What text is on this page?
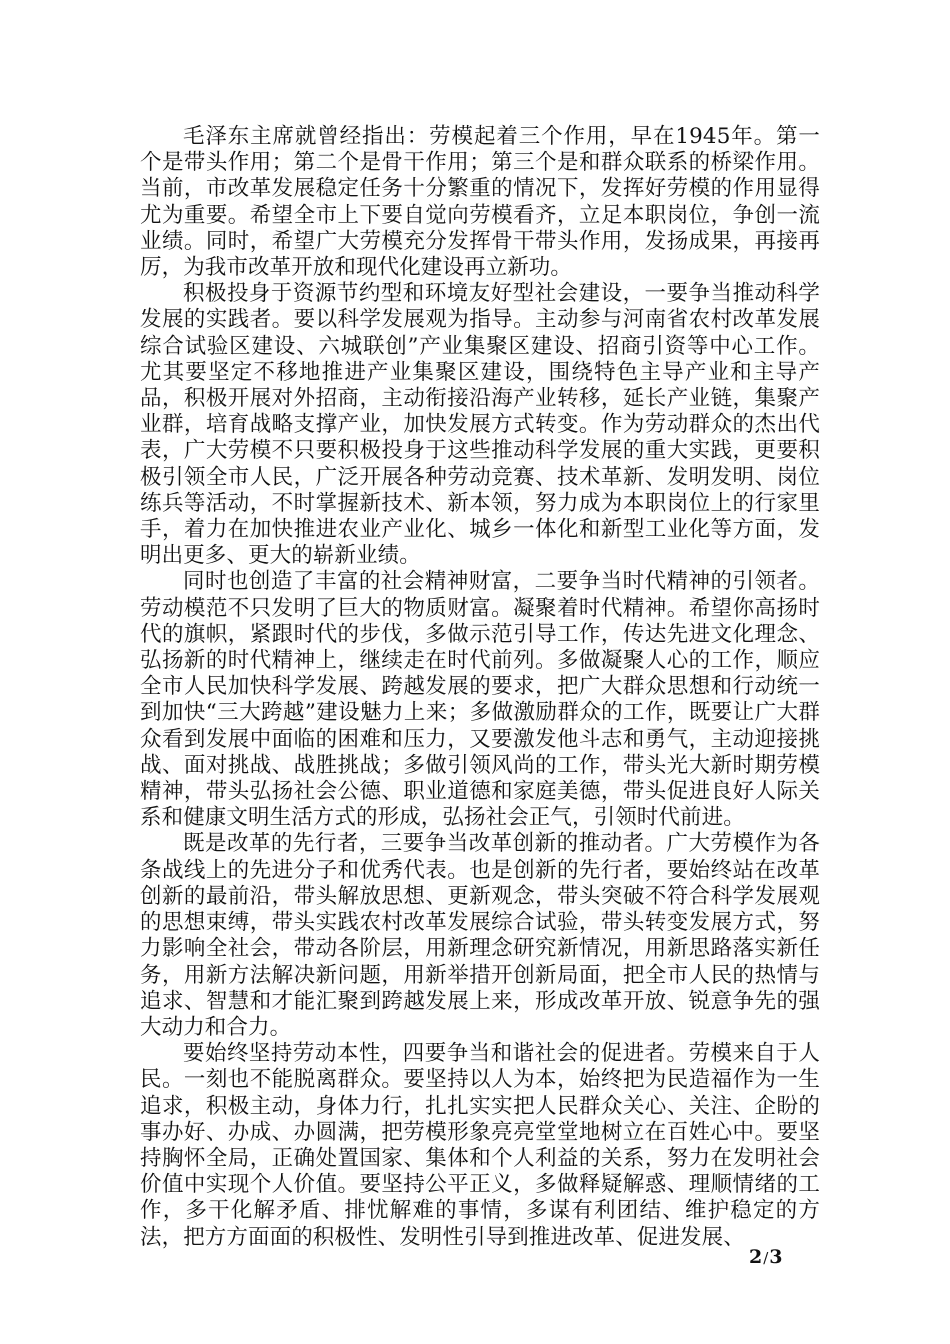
毛泽东主席就曾经指出：劳模起着三个作用，早在1945年。第一个是带头作用；第二个是骨干作用；第三个是和群众联系的桥梁作用。当前，市改革发展稳定任务十分繁重的情况下，发挥好劳模的作用显得尤为重要。希望全市上下要自觉向劳模看齐，立足本职岗位，争创一流业绩。同时，希望广大劳模充分发挥骨干带头作用，发扬成果，再接再厉，为我市改革开放和现代化建设再立新功。

积极投身于资源节约型和环境友好型社会建设，一要争当推动科学发展的实践者。要以科学发展观为指导。主动参与河南省农村改革发展综合试验区建设、六城联创”产业集聚区建设、招商引资等中心工作。尤其要坚定不移地推进产业集聚区建设，围绕特色主导产业和主导产品，积极开展对外招商，主动衔接沿海产业转移，延长产业链，集聚产业群，培育战略支撑产业，加快发展方式转变。作为劳动群众的杰出代表，广大劳模不只要积极投身于这些推动科学发展的重大实践，更要积极引领全市人民，广泛开展各种劳动竞赛、技术革新、发明发明、岗位练兵等活动，不时掌握新技术、新本领，努力成为本职岗位上的行家里手，着力在加快推进农业产业化、城乡一体化和新型工业化等方面，发明出更多、更大的崭新业绩。

同时也创造了丰富的社会精神财富，二要争当时代精神的引领者。劳动模范不只发明了巨大的物质财富。凝聚着时代精神。希望你高扬时代的旗帜，紧跟时代的步伐，多做示范引导工作，传达先进文化理念、弘扬新的时代精神上，继续走在时代前列。多做凝聚人心的工作，顺应全市人民加快科学发展、跨越发展的要求，把广大群众思想和行动统一到加快“三大跨越”建设魅力上来；多做激励群众的工作，既要让广大群众看到发展中面临的困难和压力，又要激发他斗志和勇气，主动迎接挑战、面对挑战、战胜挑战；多做引领风尚的工作，带头光大新时期劳模精神，带头弘扬社会公德、职业道德和家庭美德，带头促进良好人际关系和健康文明生活方式的形成，弘扬社会正气，引领时代前进。

既是改革的先行者，三要争当改革创新的推动者。广大劳模作为各条战线上的先进分子和优秀代表。也是创新的先行者，要始终站在改革创新的最前沿，带头解放思想、更新观念，带头突破不符合科学发展观的思想束缚，带头实践农村改革发展综合试验，带头转变发展方式，努力影响全社会，带动各阶层，用新理念研究新情况，用新思路落实新任务，用新方法解决新问题，用新举措开创新局面，把全市人民的热情与追求、智慧和才能汇聚到跨越发展上来，形成改革开放、锐意争先的强大动力和合力。

要始终坚持劳动本性，四要争当和谐社会的促进者。劳模来自于人民。一刻也不能脱离群众。要坚持以人为本，始终把为民造福作为一生追求，积极主动，身体力行，扎扎实实把人民群众关心、关注、企盼的事办好、办成、办圆满，把劳模形象亮亮堂堂地树立在百姓心中。要坚持胸怀全局，正确处置国家、集体和个人利益的关系，努力在发明社会价值中实现个人价值。要坚持公平正义，多做释疑解惑、理顺情绪的工作，多干化解矛盾、排忧解难的事情，多谋有利团结、维护稳定的方法，把方方面面的积极性、发明性引导到推进改革、促进发展、

2/3
